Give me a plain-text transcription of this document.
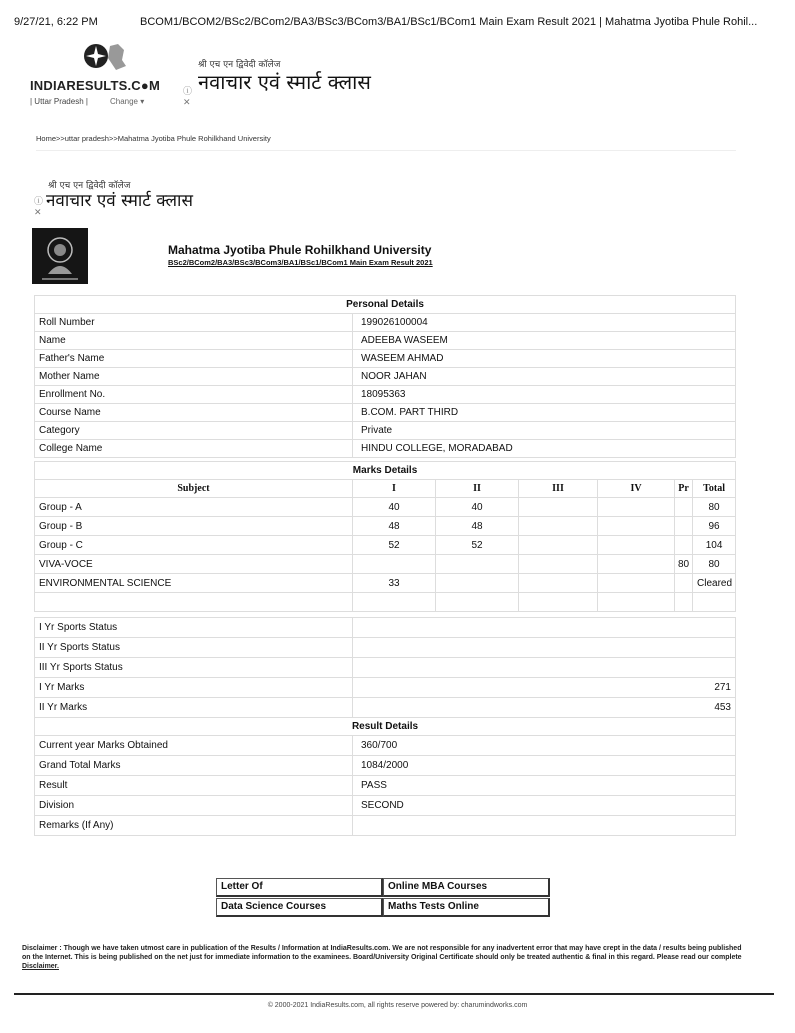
9/27/21, 6:22 PM	BCOM1/BCOM2/BSc2/BCom2/BA3/BSc3/BCom3/BA1/BSc1/BCom1 Main Exam Result 2021 | Mahatma Jyotiba Phule Rohil...
INDIARESULTS.C●M
| Uttar Pradesh |	Change ▾
श्री एच एन द्विवेदी कॉलेज
नवाचार एवं स्मार्ट क्लास
ⓘ
✕
Home>>uttar pradesh>>Mahatma Jyotiba Phule Rohilkhand University
श्री एच एन द्विवेदी कॉलेज
नवाचार एवं स्मार्ट क्लास
ⓘ
✕
Mahatma Jyotiba Phule Rohilkhand University
BSc2/BCom2/BA3/BSc3/BCom3/BA1/BSc1/BCom1 Main Exam Result 2021
Personal Details	
Roll Number	199026100004
Name	ADEEBA WASEEM
Father's Name	WASEEM AHMAD
Mother Name	NOOR JAHAN
Enrollment No.	18095363
Course Name	B.COM. PART THIRD
Category	Private
College Name	HINDU COLLEGE, MORADABAD
Marks Details						
Subject	I	II	III	IV	Pr	Total
Group - A	40	40				80
Group - B	48	48				96
Group - C	52	52				104
VIVA-VOCE					80	80
ENVIRONMENTAL SCIENCE	33					Cleared

I Yr Sports Status	
II Yr Sports Status	
III Yr Sports Status	
I Yr Marks	271
II Yr Marks	453
Result Details	
Current year Marks Obtained	360/700
Grand Total Marks	1084/2000
Result	PASS
Division	SECOND
Remarks (If Any)	
Letter Of	Online MBA Courses
Data Science Courses	Maths Tests Online
Disclaimer : Though we have taken utmost care in publication of the Results / Information at IndiaResults.com. We are not responsible for any inadvertent error that may have crept in the data / results being published on the Internet. This is being published on the net just for immediate information to the examinees. Board/University Original Certificate should only be treated authentic & final in this regard. Please read our complete Disclaimer.
© 2000-2021 IndiaResults.com, all rights reserve powered by: charumindworks.com
